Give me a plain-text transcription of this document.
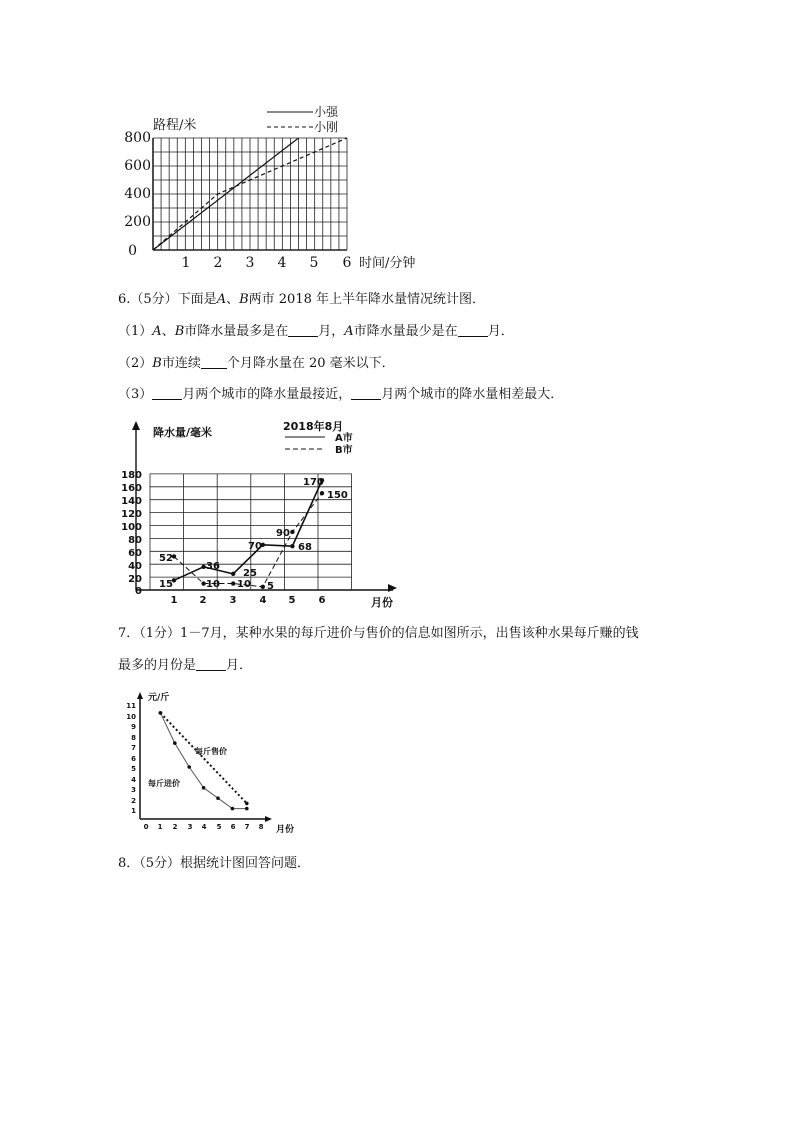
路程/米
小强
小刚
0
200
400
600
800
1 2 3 4 5 6 时间/分钟
6.（5分）下面是A、B两市 2018 年上半年降水量情况统计图．
（1）A、B市降水量最多是在 月，A市降水量最少是在 月．
（2）B市连续 个月降水量在 20 毫米以下．
（3） 月两个城市的降水量最接近， 月两个城市的降水量相差最大．
降水量/毫米	2018年8月
A市
B市
0
20
40
60
80
100
120
140
160
180
1 2 3 4 5 6	月份
52
15
36
10
25
10
70
5
90
68
170
150
7．（1分）1－7月，某种水果的每斤进价与售价的信息如图所示，出售该种水果每斤赚的钱
最多的月份是 月．
元/斤
每斤售价
每斤进价
月份
1
2
3
4
5
6
7
8
9
10
11
0 1 2 3 4 5 6 7 8
8．（5分）根据统计图回答问题．
